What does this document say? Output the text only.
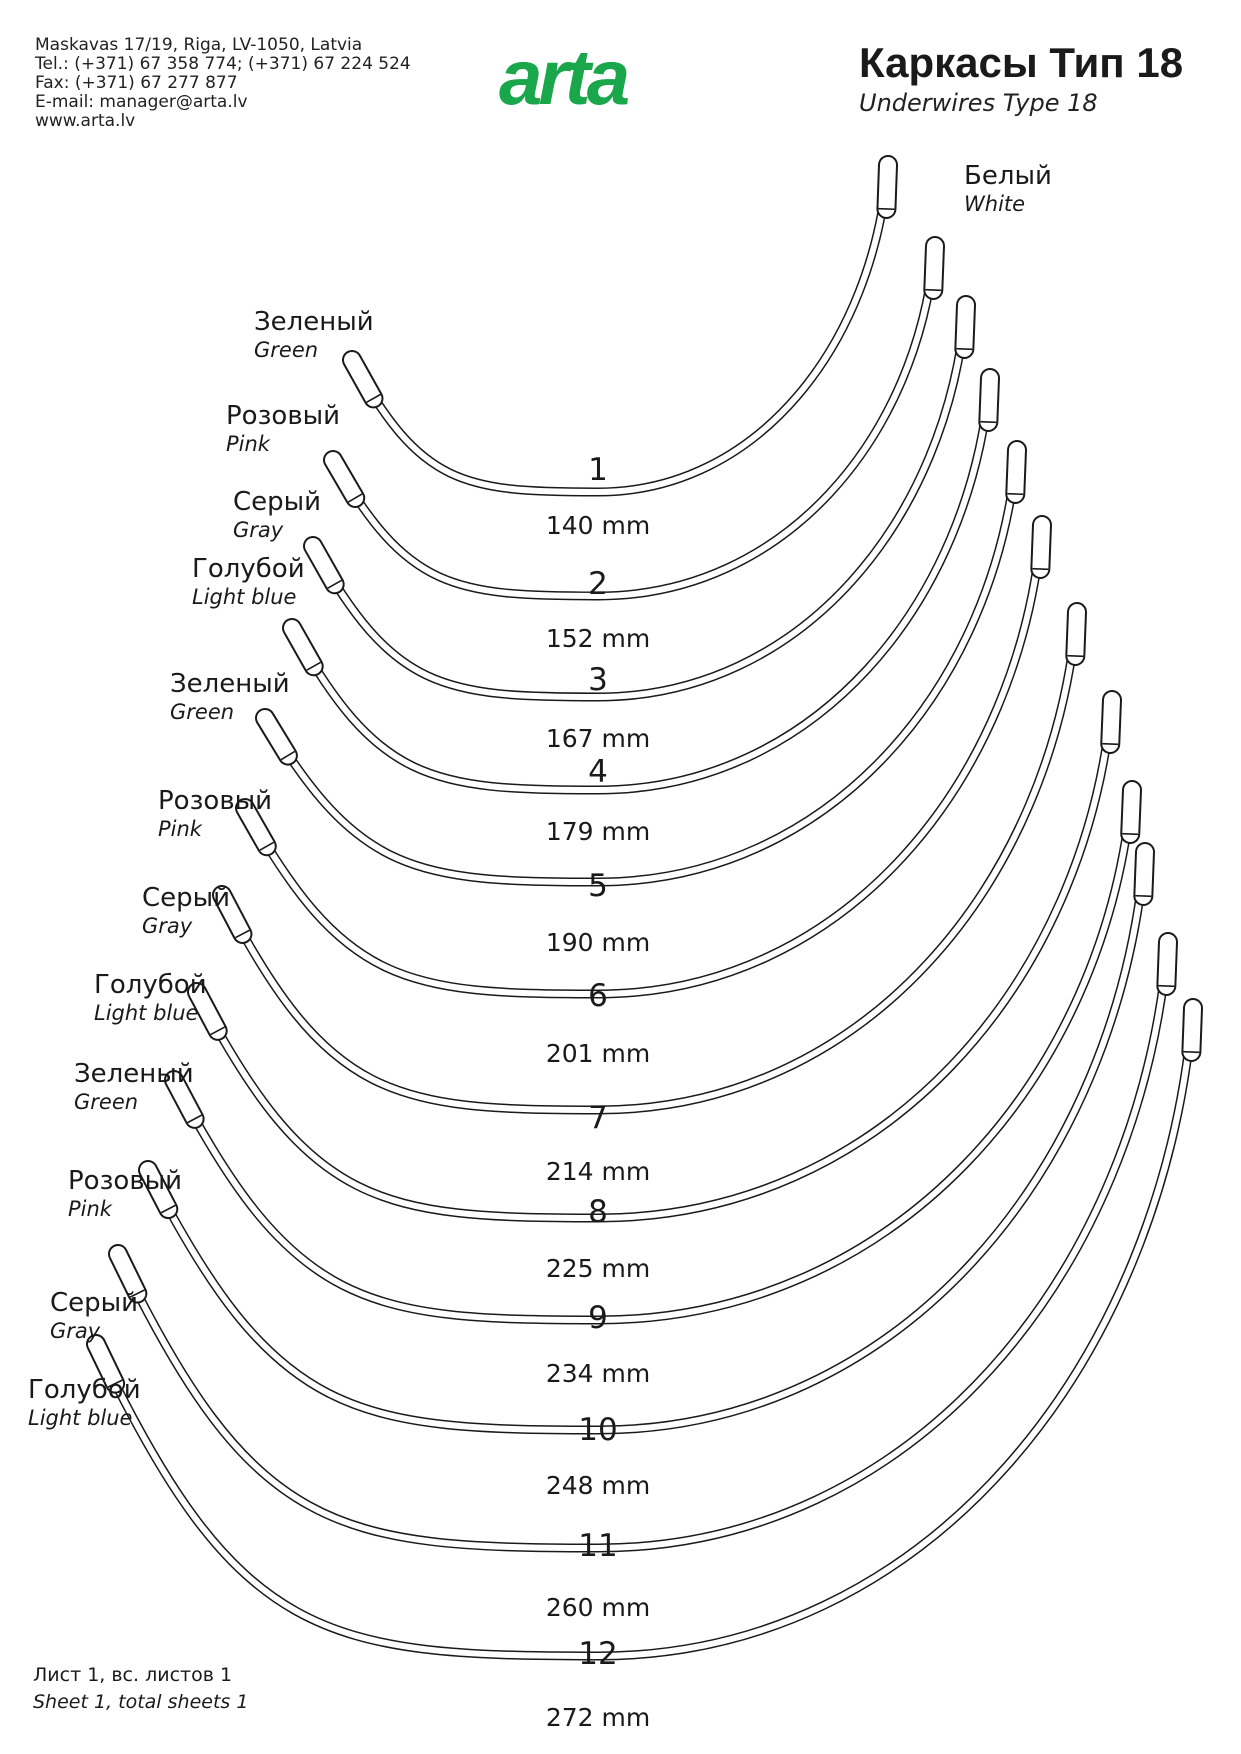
Maskavas 17/19, Riga, LV-1050, Latvia
Tel.: (+371) 67 358 774; (+371) 67 224 524
Fax: (+371) 67 277 877
E-mail: manager@arta.lv
www.arta.lv	arta	Каркасы Тип 18
Underwires Type 18
1
140 mm
Белый
White
2
152 mm
Зеленый
Green
3
167 mm
Розовый
Pink
4
179 mm
Серый
Gray
5
190 mm
Голубой
Light blue
6
201 mm
Зеленый
Green
7
214 mm
Розовый
Pink
8
225 mm
Серый
Gray
9
234 mm
Голубой
Light blue
10
248 mm
Зеленый
Green
11
260 mm
Розовый
Pink
12
272 mm
Серый
Gray
Голубой
Light blue
Лист 1, вс. листов 1
Sheet 1, total sheets 1
